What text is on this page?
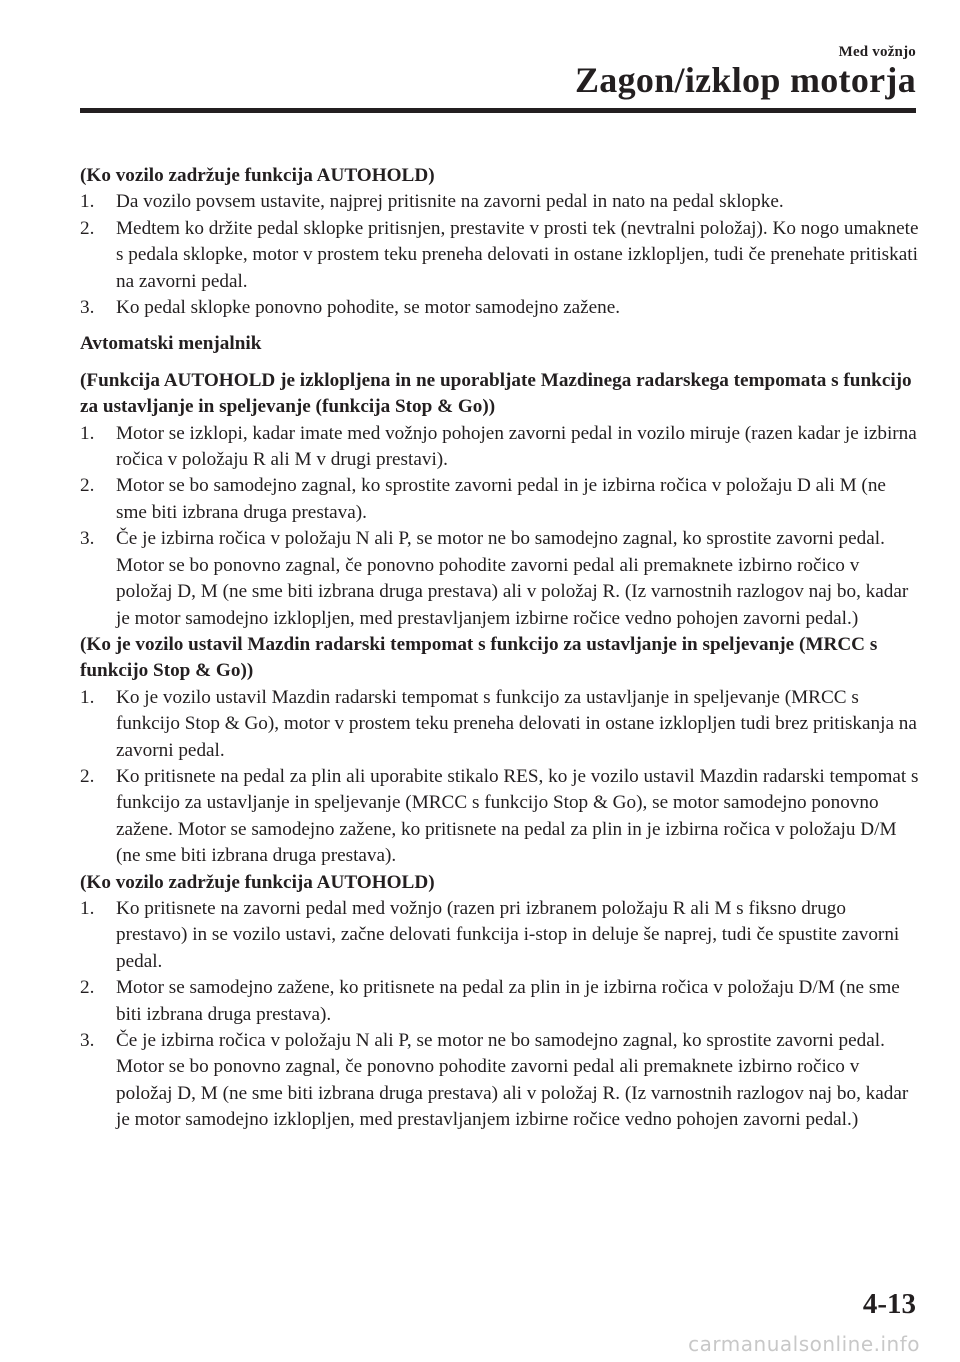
Med vožnjo
Zagon/izklop motorja

(Ko vozilo zadržuje funkcija AUTOHOLD)

1.	Da vozilo povsem ustavite, najprej pritisnite na zavorni pedal in nato na pedal sklopke.
2.	Medtem ko držite pedal sklopke pritisnjen, prestavite v prosti tek (nevtralni položaj). Ko nogo umaknete s pedala sklopke, motor v prostem teku preneha delovati in ostane izklopljen, tudi če prenehate pritiskati na zavorni pedal.
3.	Ko pedal sklopke ponovno pohodite, se motor samodejno zažene.

Avtomatski menjalnik

(Funkcija AUTOHOLD je izklopljena in ne uporabljate Mazdinega radarskega tempomata s funkcijo za ustavljanje in speljevanje (funkcija Stop & Go))

1.	Motor se izklopi, kadar imate med vožnjo pohojen zavorni pedal in vozilo miruje (razen kadar je izbirna ročica v položaju R ali M v drugi prestavi).
2.	Motor se bo samodejno zagnal, ko sprostite zavorni pedal in je izbirna ročica v položaju D ali M (ne sme biti izbrana druga prestava).
3.	Če je izbirna ročica v položaju N ali P, se motor ne bo samodejno zagnal, ko sprostite zavorni pedal. Motor se bo ponovno zagnal, če ponovno pohodite zavorni pedal ali premaknete izbirno ročico v položaj D, M (ne sme biti izbrana druga prestava) ali v položaj R. (Iz varnostnih razlogov naj bo, kadar je motor samodejno izklopljen, med prestavljanjem izbirne ročice vedno pohojen zavorni pedal.)

(Ko je vozilo ustavil Mazdin radarski tempomat s funkcijo za ustavljanje in speljevanje (MRCC s funkcijo Stop & Go))

1.	Ko je vozilo ustavil Mazdin radarski tempomat s funkcijo za ustavljanje in speljevanje (MRCC s funkcijo Stop & Go), motor v prostem teku preneha delovati in ostane izklopljen tudi brez pritiskanja na zavorni pedal.
2.	Ko pritisnete na pedal za plin ali uporabite stikalo RES, ko je vozilo ustavil Mazdin radarski tempomat s funkcijo za ustavljanje in speljevanje (MRCC s funkcijo Stop & Go), se motor samodejno ponovno zažene. Motor se samodejno zažene, ko pritisnete na pedal za plin in je izbirna ročica v položaju D/M (ne sme biti izbrana druga prestava).

(Ko vozilo zadržuje funkcija AUTOHOLD)

1.	Ko pritisnete na zavorni pedal med vožnjo (razen pri izbranem položaju R ali M s fiksno drugo prestavo) in se vozilo ustavi, začne delovati funkcija i-stop in deluje še naprej, tudi če spustite zavorni pedal.
2.	Motor se samodejno zažene, ko pritisnete na pedal za plin in je izbirna ročica v položaju D/M (ne sme biti izbrana druga prestava).
3.	Če je izbirna ročica v položaju N ali P, se motor ne bo samodejno zagnal, ko sprostite zavorni pedal. Motor se bo ponovno zagnal, če ponovno pohodite zavorni pedal ali premaknete izbirno ročico v položaj D, M (ne sme biti izbrana druga prestava) ali v položaj R. (Iz varnostnih razlogov naj bo, kadar je motor samodejno izklopljen, med prestavljanjem izbirne ročice vedno pohojen zavorni pedal.)
4-13
carmanualsonline.info
